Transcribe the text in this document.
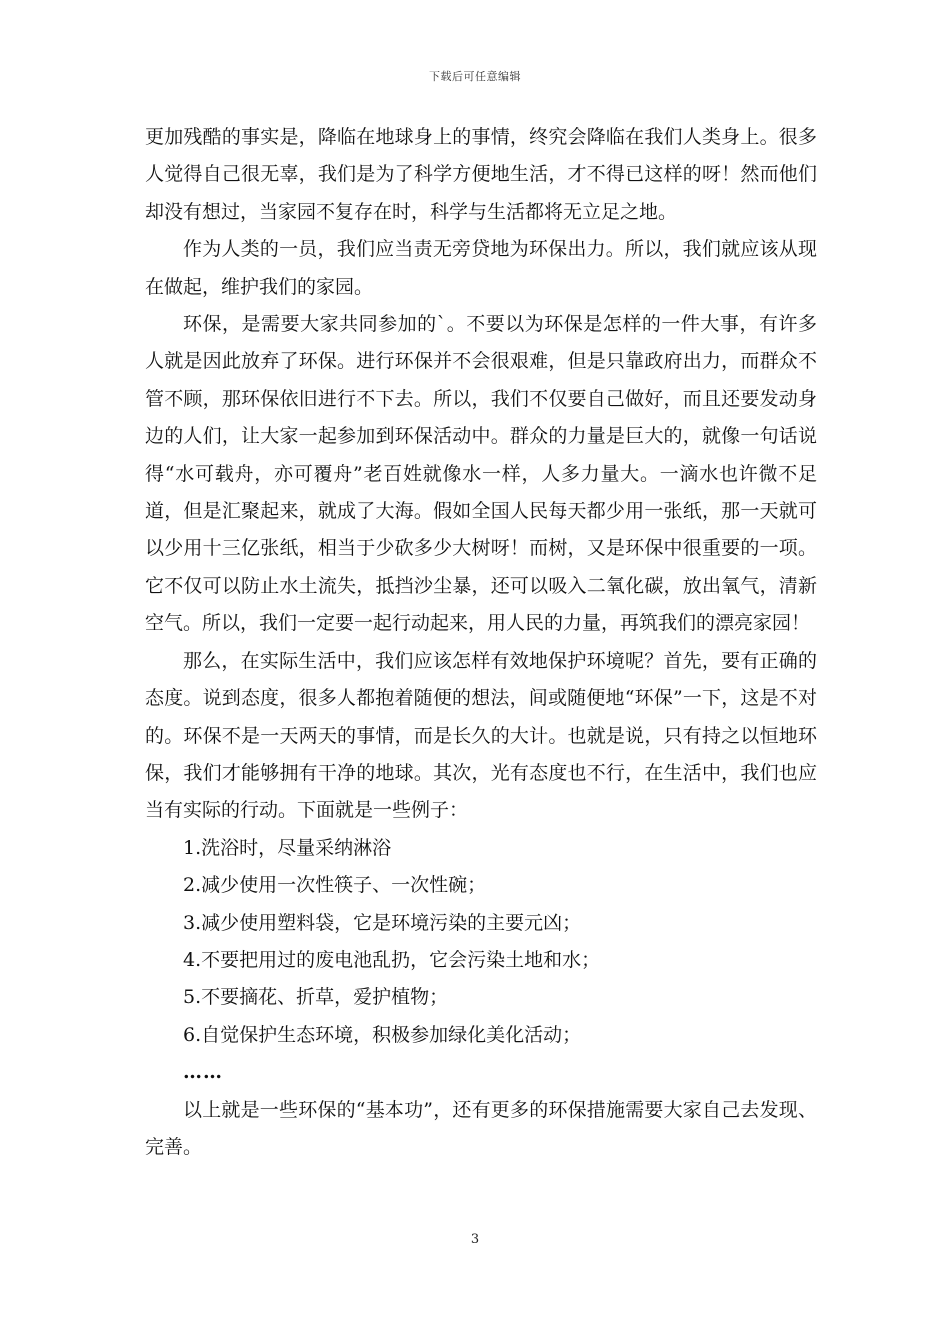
下载后可任意编辑

更加残酷的事实是，降临在地球身上的事情，终究会降临在我们人类身上。很多人觉得自己很无辜，我们是为了科学方便地生活，才不得已这样的呀！然而他们却没有想过，当家园不复存在时，科学与生活都将无立足之地。

作为人类的一员，我们应当责无旁贷地为环保出力。所以，我们就应该从现在做起，维护我们的家园。

环保，是需要大家共同参加的`。不要以为环保是怎样的一件大事，有许多人就是因此放弃了环保。进行环保并不会很艰难，但是只靠政府出力，而群众不管不顾，那环保依旧进行不下去。所以，我们不仅要自己做好，而且还要发动身边的人们，让大家一起参加到环保活动中。群众的力量是巨大的，就像一句话说得“水可载舟，亦可覆舟”老百姓就像水一样，人多力量大。一滴水也许微不足道，但是汇聚起来，就成了大海。假如全国人民每天都少用一张纸，那一天就可以少用十三亿张纸，相当于少砍多少大树呀！而树，又是环保中很重要的一项。它不仅可以防止水土流失，抵挡沙尘暴，还可以吸入二氧化碳，放出氧气，清新空气。所以，我们一定要一起行动起来，用人民的力量，再筑我们的漂亮家园！

那么，在实际生活中，我们应该怎样有效地保护环境呢？首先，要有正确的态度。说到态度，很多人都抱着随便的想法，间或随便地“环保”一下，这是不对的。环保不是一天两天的事情，而是长久的大计。也就是说，只有持之以恒地环保，我们才能够拥有干净的地球。其次，光有态度也不行，在生活中，我们也应当有实际的行动。下面就是一些例子：

1.洗浴时，尽量采纳淋浴

2.减少使用一次性筷子、一次性碗；

3.减少使用塑料袋，它是环境污染的主要元凶；

4.不要把用过的废电池乱扔，它会污染土地和水；

5.不要摘花、折草，爱护植物；

6.自觉保护生态环境，积极参加绿化美化活动；

……

以上就是一些环保的“基本功”，还有更多的环保措施需要大家自己去发现、完善。

3
